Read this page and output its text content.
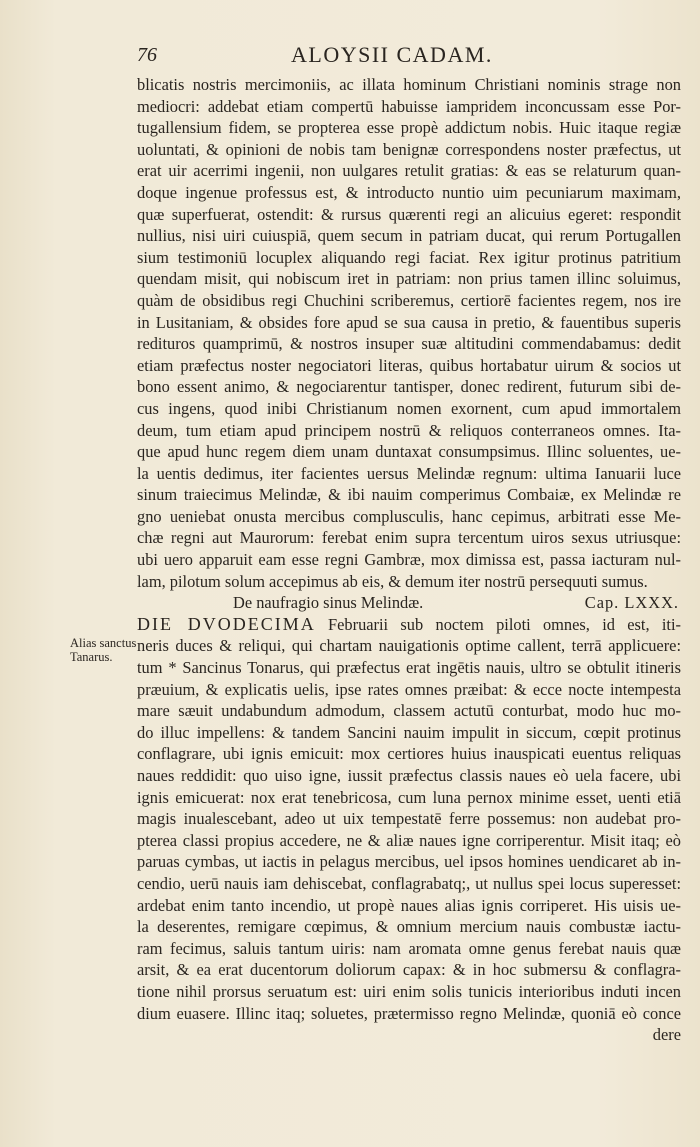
76	ALOYSII CADAM.
blicatis nostris mercimoniis, ac illata hominum Christiani nominis strage non
mediocri: addebat etiam compertū habuisse iampridem inconcussam esse Por-
tugallensium fidem, se propterea esse propè addictum nobis. Huic itaque regiæ
uoluntati, & opinioni de nobis tam benignæ correspondens noster præfectus, ut
erat uir acerrimi ingenii, non uulgares retulit gratias: & eas se relaturum quan-
doque ingenue professus est, & introducto nuntio uim pecuniarum maximam,
quæ superfuerat, ostendit: & rursus quærenti regi an alicuius egeret: respondit
nullius, nisi uiri cuiuspiā, quem secum in patriam ducat, qui rerum Portugallen
sium testimoniū locuplex aliquando regi faciat. Rex igitur protinus patritium
quendam misit, qui nobiscum iret in patriam: non prius tamen illinc soluimus,
quàm de obsidibus regi Chuchini scriberemus, certiorē facientes regem, nos ire
in Lusitaniam, & obsides fore apud se sua causa in pretio, & fauentibus superis
redituros quamprimū, & nostros insuper suæ altitudini commendabamus: dedit
etiam præfectus noster negociatori literas, quibus hortabatur uirum & socios ut
bono essent animo, & negociarentur tantisper, donec redirent, futurum sibi de-
cus ingens, quod inibi Christianum nomen exornent, cum apud immortalem
deum, tum etiam apud principem nostrū & reliquos conterraneos omnes. Ita-
que apud hunc regem diem unam duntaxat consumpsimus. Illinc soluentes, ue-
la uentis dedimus, iter facientes uersus Melindæ regnum: ultima Ianuarii luce
sinum traiecimus Melindæ, & ibi nauim comperimus Combaiæ, ex Melindæ re
gno ueniebat onusta mercibus complusculis, hanc cepimus, arbitrati esse Me-
chæ regni aut Maurorum: ferebat enim supra tercentum uiros sexus utriusque:
ubi uero apparuit eam esse regni Gambræ, mox dimissa est, passa iacturam nul-
lam, pilotum solum accepimus ab eis, & demum iter nostrū persequuti sumus.
De naufragio sinus Melindæ.	Cap. LXXX.
DIE DVODECIMA Februarii sub noctem piloti omnes, id est, iti-
neris duces & reliqui, qui chartam nauigationis optime callent, terrā applicuere:
tum * Sancinus Tonarus, qui præfectus erat ingētis nauis, ultro se obtulit itineris
præuium, & explicatis uelis, ipse rates omnes præibat: & ecce nocte intempesta
mare sæuit undabundum admodum, classem actutū conturbat, modo huc mo-
do illuc impellens: & tandem Sancini nauim impulit in siccum, cœpit protinus
conflagrare, ubi ignis emicuit: mox certiores huius inauspicati euentus reliquas
naues reddidit: quo uiso igne, iussit præfectus classis naues eò uela facere, ubi
ignis emicuerat: nox erat tenebricosa, cum luna pernox minime esset, uenti etiā
magis inualescebant, adeo ut uix tempestatē ferre possemus: non audebat pro-
pterea classi propius accedere, ne & aliæ naues igne corriperentur. Misit itaq; eò
paruas cymbas, ut iactis in pelagus mercibus, uel ipsos homines uendicaret ab in-
cendio, uerū nauis iam dehiscebat, conflagrabatq;, ut nullus spei locus superesset:
ardebat enim tanto incendio, ut propè naues alias ignis corriperet. His uisis ue-
la deserentes, remigare cœpimus, & omnium mercium nauis combustæ iactu-
ram fecimus, saluis tantum uiris: nam aromata omne genus ferebat nauis quæ
arsit, & ea erat ducentorum doliorum capax: & in hoc submersu & conflagra-
tione nihil prorsus seruatum est: uiri enim solis tunicis interioribus induti incen
dium euasere. Illinc itaq; soluetes, prætermisso regno Melindæ, quoniā eò conce
dere
Alias sanctus
Tanarus.
